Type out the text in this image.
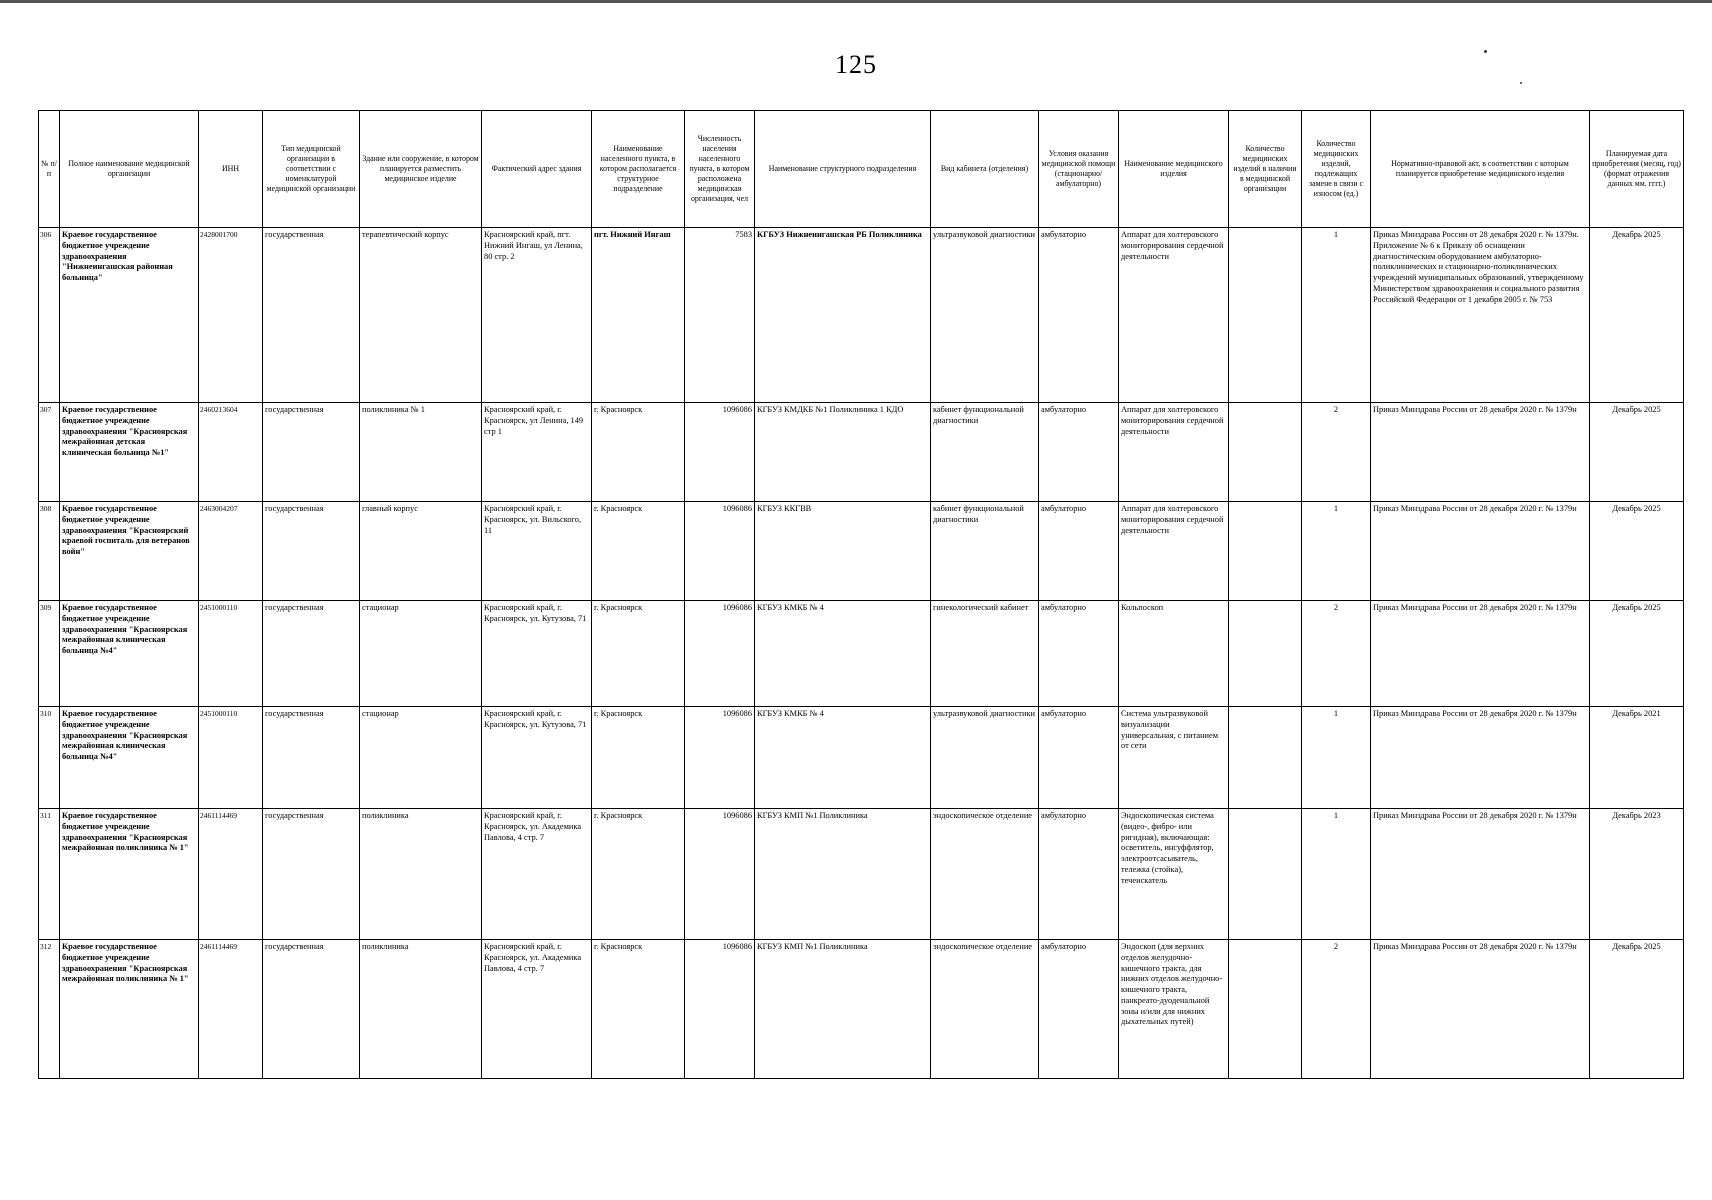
125
№ п/п	Полное наименование медицинской организации	ИНН	Тип медицинской организации в соответствии с номенклатурой медицинской организации	Здание или сооружение, в котором планируется разместить медицинское изделие	Фактический адрес здания	Наименование населенного пункта, в котором располагается структурное подразделение	Численность населения населенного пункта, в котором расположена медицинская организация, чел	Наименование структурного подразделения	Вид кабинета (отделения)	Условия оказания медицинской помощи (стационарно/ амбулаторно)	Наименование медицинского изделия	Количество медицинских изделий в наличии в медицинской организации	Количество медицинских изделий, подлежащих замене в связи с износом (ед.)	Нормативно-правовой акт, в соответствии с которым планируется приобретение медицинского изделия	Планируемая дата приобретения (месяц, год) (формат отражения данных мм. гггг.)
306	Краевое государственное бюджетное учреждение здравоохранения "Нижнеингашская районная больница"	2428001700	государственная	терапевтический корпус	Красноярский край, пгт. Нижний Ингаш, ул Ленина, 80 стр. 2	пгт. Нижний Ингаш	7583	КГБУЗ Нижнеингашская РБ Поликлиника	ультразвуковой диагностики	амбулаторно	Аппарат для холтеровского мониторирования сердечной деятельности		1	Приказ Минздрава России от 28 декабря 2020 г. № 1379н. Приложение № 6 к Приказу об оснащении диагностическим оборудованием амбулаторно-поликлинических и стационарно-поликлинических учреждений муниципальных образований, утвержденному Министерством здравоохранения и социального развития Российской Федерации от 1 декабря 2005 г. № 753	Декабрь 2025
307	Краевое государственное бюджетное учреждение здравоохранения "Красноярская межрайонная детская клиническая больница №1"	2460213604	государственная	поликлиника № 1	Красноярский край, г. Красноярск, ул Ленина, 149 стр 1	г. Красноярск	1096086	КГБУЗ КМДКБ №1 Поликлиника 1 КДО	кабинет функциональной диагностики	амбулаторно	Аппарат для холтеровского мониторирования сердечной деятельности		2	Приказ Минздрава России от 28 декабря 2020 г. № 1379н	Декабрь 2025
308	Краевое государственное бюджетное учреждение здравоохранения "Красноярский краевой госпиталь для ветеранов войн"	2463004207	государственная	главный корпус	Красноярский край, г. Красноярск, ул. Вильского, 11	г. Красноярск	1096086	КГБУЗ ККГВВ	кабинет функциональной диагностики	амбулаторно	Аппарат для холтеровского мониторирования сердечной деятельности		1	Приказ Минздрава России от 28 декабря 2020 г. № 1379н	Декабрь 2025
309	Краевое государственное бюджетное учреждение здравоохранения "Красноярская межрайонная клиническая больница №4"	2451000110	государственная	стационар	Красноярский край, г. Красноярск, ул. Кутузова, 71	г. Красноярск	1096086	КГБУЗ КМКБ № 4	гинекологический кабинет	амбулаторно	Кольпоскоп		2	Приказ Минздрава России от 28 декабря 2020 г. № 1379н	Декабрь 2025
310	Краевое государственное бюджетное учреждение здравоохранения "Красноярская межрайонная клиническая больница №4"	2451000110	государственная	стационар	Красноярский край, г. Красноярск, ул. Кутузова, 71	г. Красноярск	1096086	КГБУЗ КМКБ № 4	ультразвуковой диагностики	амбулаторно	Система ультразвуковой визуализации универсальная, с питанием от сети		1	Приказ Минздрава России от 28 декабря 2020 г. № 1379н	Декабрь 2021
311	Краевое государственное бюджетное учреждение здравоохранения "Красноярская межрайонная поликлиника № 1"	2461114469	государственная	поликлиника	Красноярский край, г. Красноярск, ул. Академика Павлова, 4 стр. 7	г. Красноярск	1096086	КГБУЗ КМП №1 Поликлиника	эндоскопическое отделение	амбулаторно	Эндоскопическая система (видео-, фибро- или ригидная), включающая: осветитель, инсуффлятор, электроотсасыватель, тележка (стойка), течеискатель		1	Приказ Минздрава России от 28 декабря 2020 г. № 1379н	Декабрь 2023
312	Краевое государственное бюджетное учреждение здравоохранения "Красноярская межрайонная поликлиника № 1"	2461114469	государственная	поликлиника	Красноярский край, г. Красноярск, ул. Академика Павлова, 4 стр. 7	г. Красноярск	1096086	КГБУЗ КМП №1 Поликлиника	эндоскопическое отделение	амбулаторно	Эндоскоп (для верхних отделов желудочно-кишечного тракта, для нижних отделов желудочно-кишечного тракта, панкреато-дуоденальной зоны и/или для нижних дыхательных путей)		2	Приказ Минздрава России от 28 декабря 2020 г. № 1379н	Декабрь 2025
